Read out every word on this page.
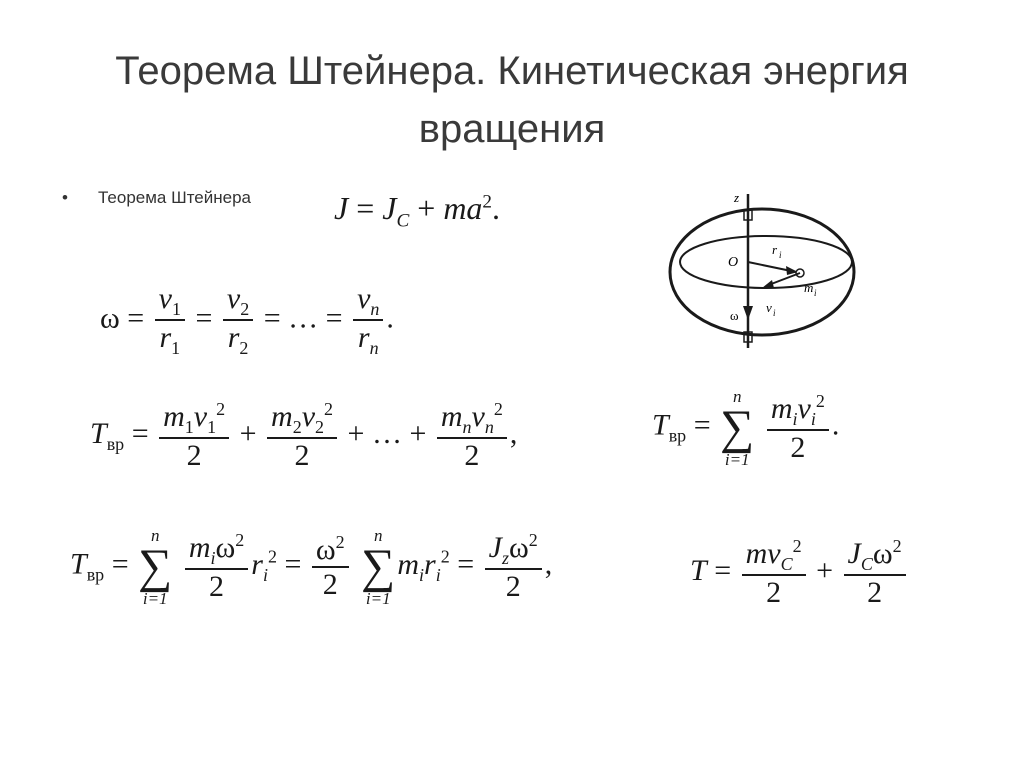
Теорема Штейнера. Кинетическая энергия вращения
• Теорема Штейнера	$J = J_C + ma^2$.
$\omega = \frac{v_1}{r_1} = \frac{v_2}{r_2}$ = … = $\frac{v_n}{r_n}$ .
$T_{вр} = \frac{m_1v_1^2}{2} + \frac{m_2v_2^2}{2}$ + … + $\frac{m_nv_n^2}{2}$ ,	$T_{вр}$ =
n
∑
i=1
$\frac{m_iv_i^2}{2}$ .
$T_{вр}$ =
n
∑
i=1
$\frac{m_i\omega^2}{2} r_i^2 = \frac{\omega^2}{2}$
n
∑
i=1
$m_ir_i^2 = \frac{J_z\omega^2}{2}$ ,	$T = \frac{mv_C^2}{2} + \frac{J_C\omega^2}{2}$
z
O
r i
m i
v i
ω
